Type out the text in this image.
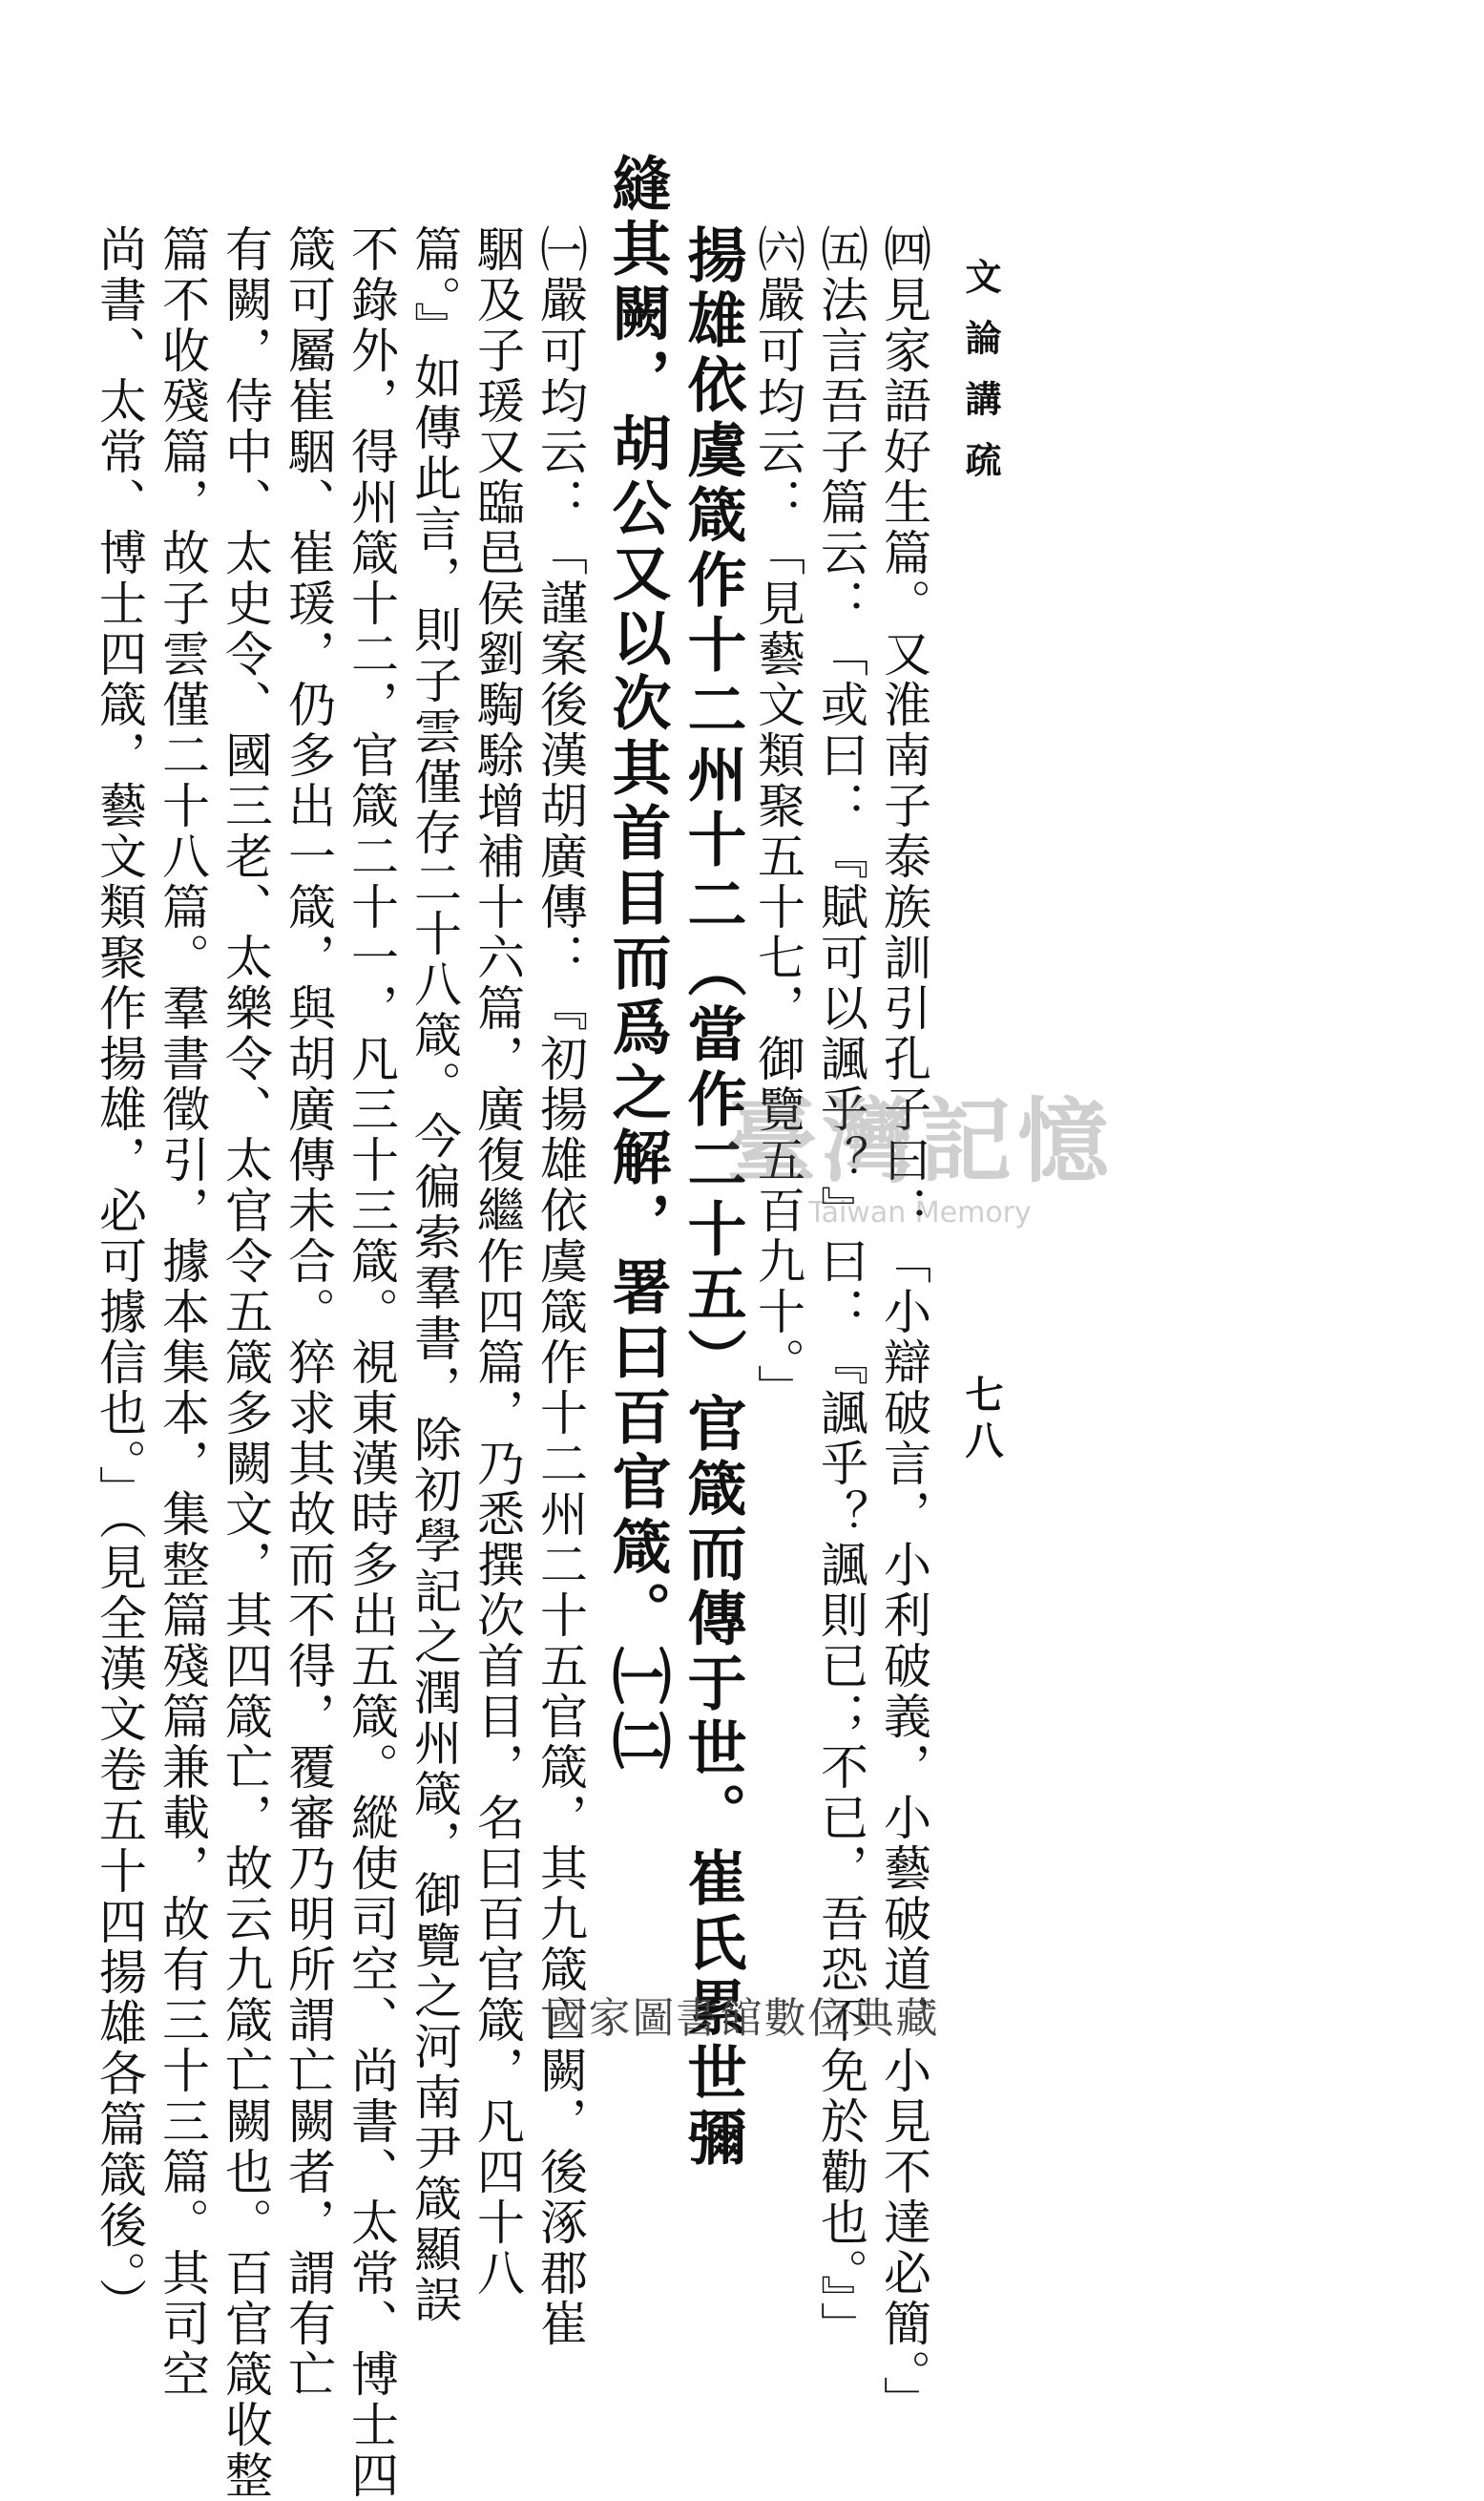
文論講疏
七八
㈣見家語好生篇。又淮南子泰族訓引孔子曰：「小辯破言，小利破義，小藝破道，小見不達必簡。」
㈤法言吾子篇云：「或曰：『賦可以諷乎？』曰：『諷乎？諷則已；不已，吾恐不免於勸也。』」
㈥嚴可均云：「見藝文類聚五十七，御覽五百九十。」
揚雄依虞箴作十二州十二（當作二十五）官箴而傳于世。崔氏累世彌
縫其闕，胡公又以次其首目而爲之解，署曰百官箴。㈠㈡
㈠嚴可均云：「謹案後漢胡廣傳：『初揚雄依虞箴作十二州二十五官箴，其九箴亡闕，後涿郡崔
駰及子瑗又臨邑侯劉騊駼增補十六篇，廣復繼作四篇，乃悉撰次首目，名曰百官箴，凡四十八
篇。』如傳此言，則子雲僅存二十八箴。今徧索羣書，除初學記之潤州箴，御覽之河南尹箴顯誤
不錄外，得州箴十二，官箴二十一，凡三十三箴。視東漢時多出五箴。縱使司空、尚書、太常、博士四
箴可屬崔駰、崔瑗，仍多出一箴，與胡廣傳未合。猝求其故而不得，覆審乃明所謂亡闕者，謂有亡
有闕，侍中、太史令、國三老、太樂令、太官令五箴多闕文，其四箴亡，故云九箴亡闕也。百官箴收整
篇不收殘篇，故子雲僅二十八篇。羣書徵引，據本集本，集整篇殘篇兼載，故有三十三篇。其司空
尚書、太常、博士四箴，藝文類聚作揚雄，必可據信也。」（見全漢文卷五十四揚雄各篇箴後。）	臺灣記憶
Taiwan Memory
國家圖書館數位典藏
